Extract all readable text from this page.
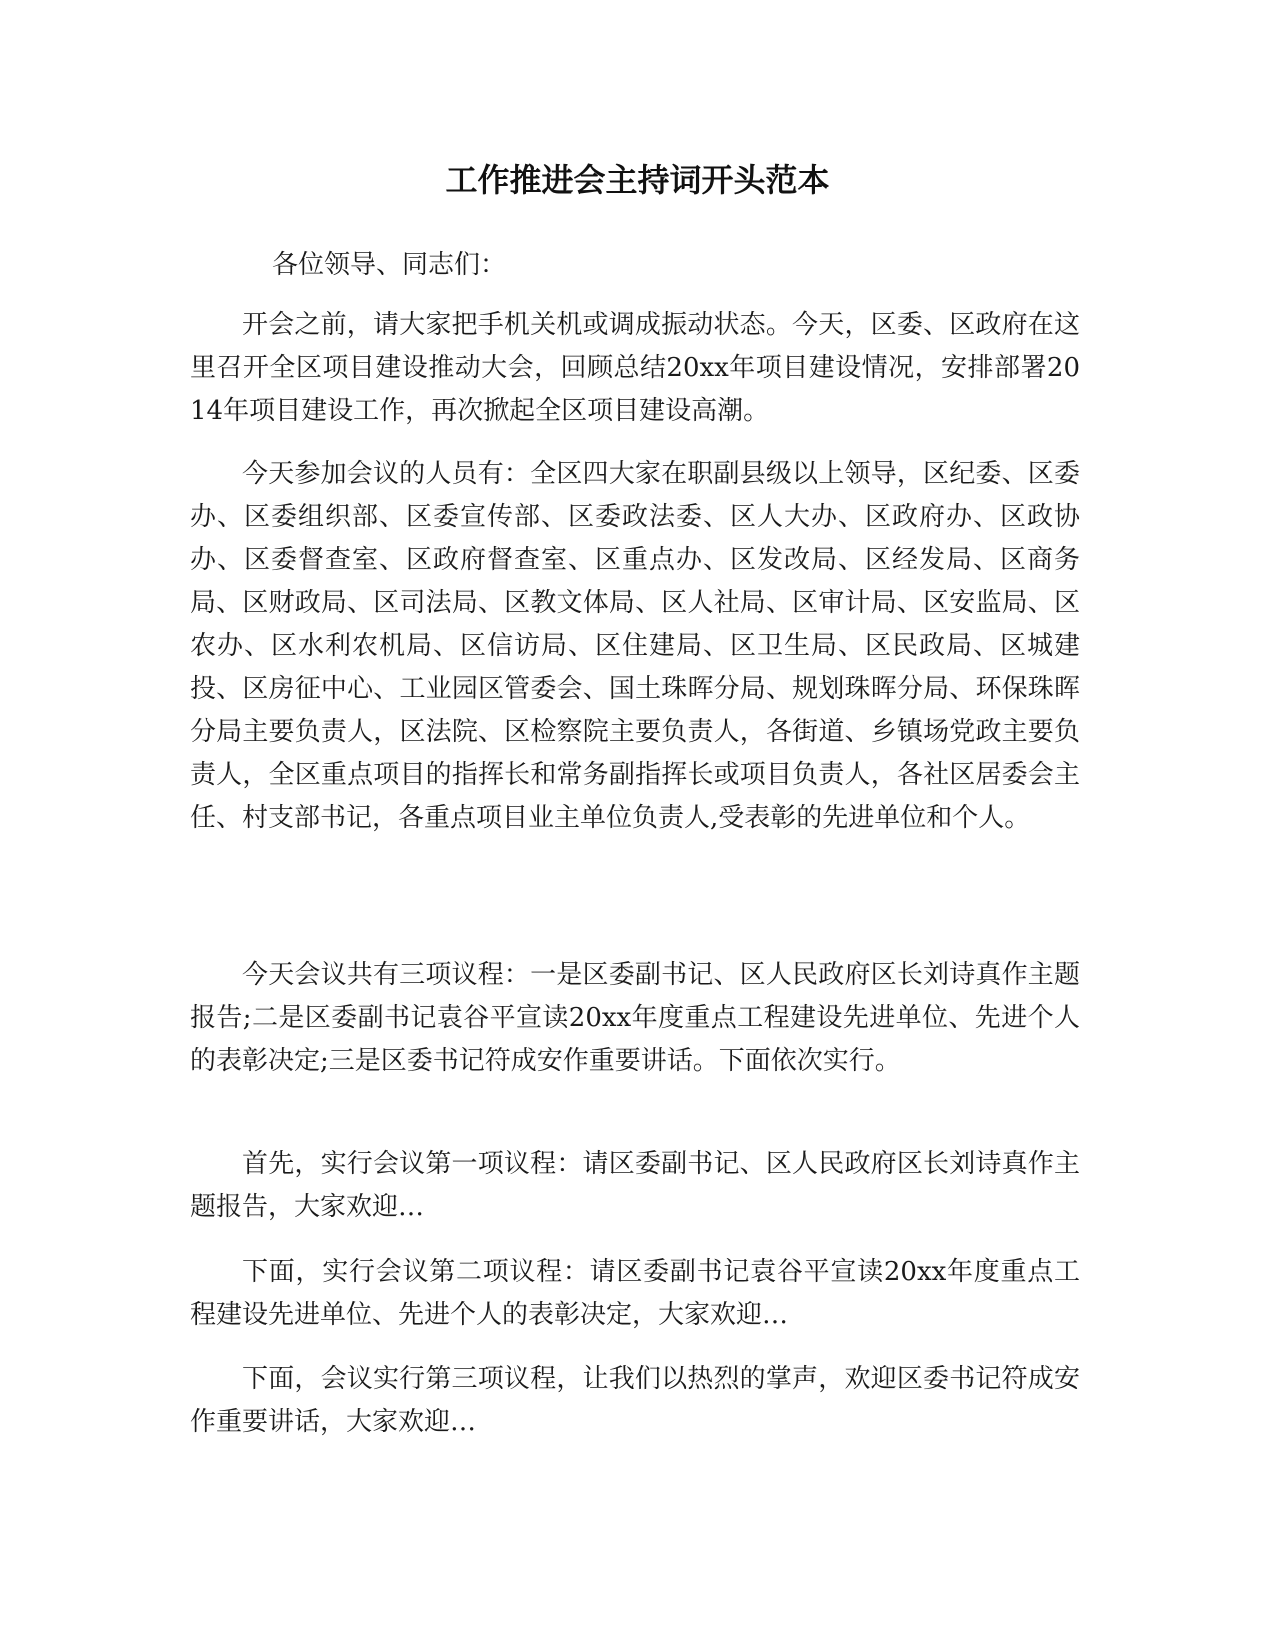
工作推进会主持词开头范本

各位领导、同志们：

开会之前，请大家把手机关机或调成振动状态。今天，区委、区政府在这里召开全区项目建设推动大会，回顾总结20xx年项目建设情况，安排部署2014年项目建设工作，再次掀起全区项目建设高潮。

今天参加会议的人员有：全区四大家在职副县级以上领导，区纪委、区委办、区委组织部、区委宣传部、区委政法委、区人大办、区政府办、区政协办、区委督查室、区政府督查室、区重点办、区发改局、区经发局、区商务局、区财政局、区司法局、区教文体局、区人社局、区审计局、区安监局、区农办、区水利农机局、区信访局、区住建局、区卫生局、区民政局、区城建投、区房征中心、工业园区管委会、国土珠晖分局、规划珠晖分局、环保珠晖分局主要负责人，区法院、区检察院主要负责人，各街道、乡镇场党政主要负责人，全区重点项目的指挥长和常务副指挥长或项目负责人，各社区居委会主任、村支部书记，各重点项目业主单位负责人,受表彰的先进单位和个人。

今天会议共有三项议程：一是区委副书记、区人民政府区长刘诗真作主题报告;二是区委副书记袁谷平宣读20xx年度重点工程建设先进单位、先进个人的表彰决定;三是区委书记符成安作重要讲话。下面依次实行。

首先，实行会议第一项议程：请区委副书记、区人民政府区长刘诗真作主题报告，大家欢迎…

下面，实行会议第二项议程：请区委副书记袁谷平宣读20xx年度重点工程建设先进单位、先进个人的表彰决定，大家欢迎…

下面，会议实行第三项议程，让我们以热烈的掌声，欢迎区委书记符成安作重要讲话，大家欢迎…
